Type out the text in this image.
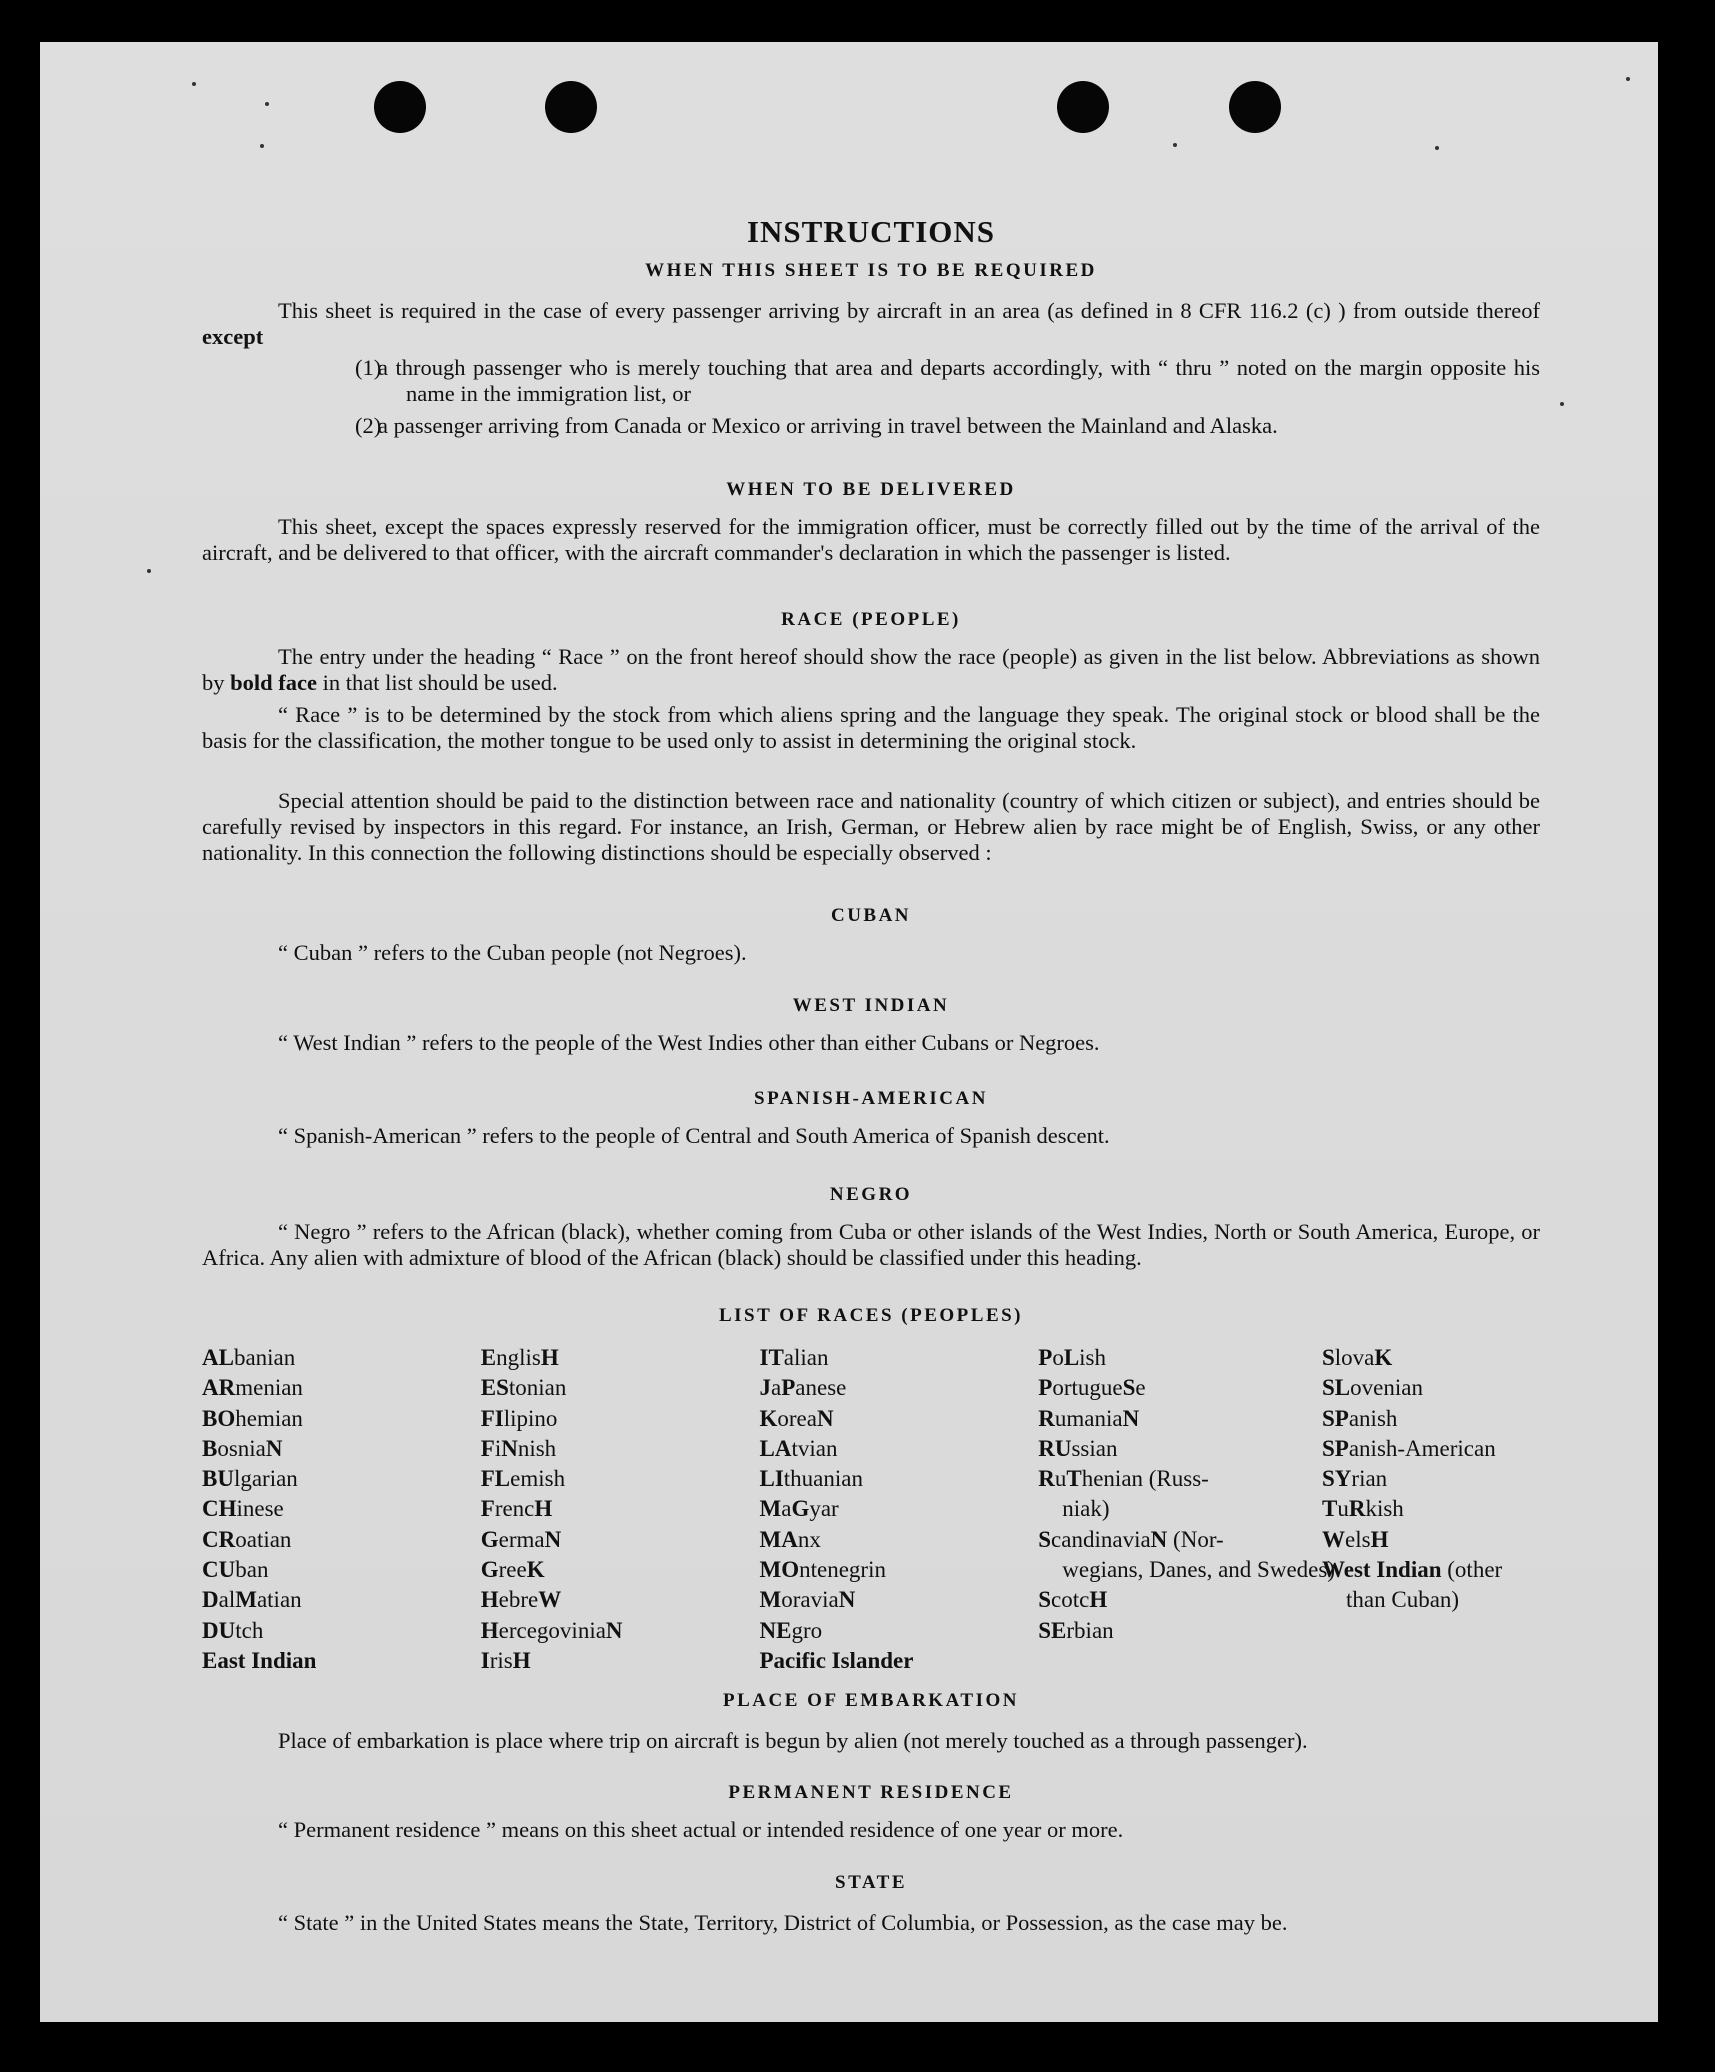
INSTRUCTIONS
WHEN THIS SHEET IS TO BE REQUIRED

This sheet is required in the case of every passenger arriving by aircraft in an area (as defined in 8 CFR 116.2 (c) ) from outside thereof except

(1)
a through passenger who is merely touching that area and departs accordingly, with “ thru ” noted on the margin opposite his name in the immigration list, or
(2)
a passenger arriving from Canada or Mexico or arriving in travel between the Mainland and Alaska.
WHEN TO BE DELIVERED

This sheet, except the spaces expressly reserved for the immigration officer, must be correctly filled out by the time of the arrival of the aircraft, and be delivered to that officer, with the aircraft commander's declaration in which the passenger is listed.

RACE (PEOPLE)

The entry under the heading “ Race ” on the front hereof should show the race (people) as given in the list below. Abbreviations as shown by bold face in that list should be used.

“ Race ” is to be determined by the stock from which aliens spring and the language they speak. The original stock or blood shall be the basis for the classification, the mother tongue to be used only to assist in determining the original stock.

Special attention should be paid to the distinction between race and nationality (country of which citizen or subject), and entries should be carefully revised by inspectors in this regard. For instance, an Irish, German, or Hebrew alien by race might be of English, Swiss, or any other nationality. In this connection the following distinctions should be especially observed :

CUBAN

“ Cuban ” refers to the Cuban people (not Negroes).

WEST INDIAN

“ West Indian ” refers to the people of the West Indies other than either Cubans or Negroes.

SPANISH-AMERICAN

“ Spanish-American ” refers to the people of Central and South America of Spanish descent.

NEGRO

“ Negro ” refers to the African (black), whether coming from Cuba or other islands of the West Indies, North or South America, Europe, or Africa. Any alien with admixture of blood of the African (black) should be classified under this heading.

LIST OF RACES (PEOPLES)
ALbanian
ARmenian
BOhemian
BosniaN
BUlgarian
CHinese
CRoatian
CUban
DalMatian
DUtch
East Indian
EnglisH
EStonian
FIlipino
FiNnish
FLemish
FrencH
GermaN
GreeK
HebreW
HercegoviniaN
IrisH
ITalian
JaPanese
KoreaN
LAtvian
LIthuanian
MaGyar
MAnx
MOntenegrin
MoraviaN
NEgro
Pacific Islander
PoLish
PortugueSe
RumaniaN
RUssian
RuThenian (Russ-
niak)
ScandinaviaN (Nor-
wegians, Danes, and Swedes)
ScotcH
SErbian
SlovaK
SLovenian
SPanish
SPanish-American
SYrian
TuRkish
WelsH
West Indian (other
than Cuban)
PLACE OF EMBARKATION

Place of embarkation is place where trip on aircraft is begun by alien (not merely touched as a through passenger).

PERMANENT RESIDENCE

“ Permanent residence ” means on this sheet actual or intended residence of one year or more.

STATE

“ State ” in the United States means the State, Territory, District of Columbia, or Possession, as the case may be.
